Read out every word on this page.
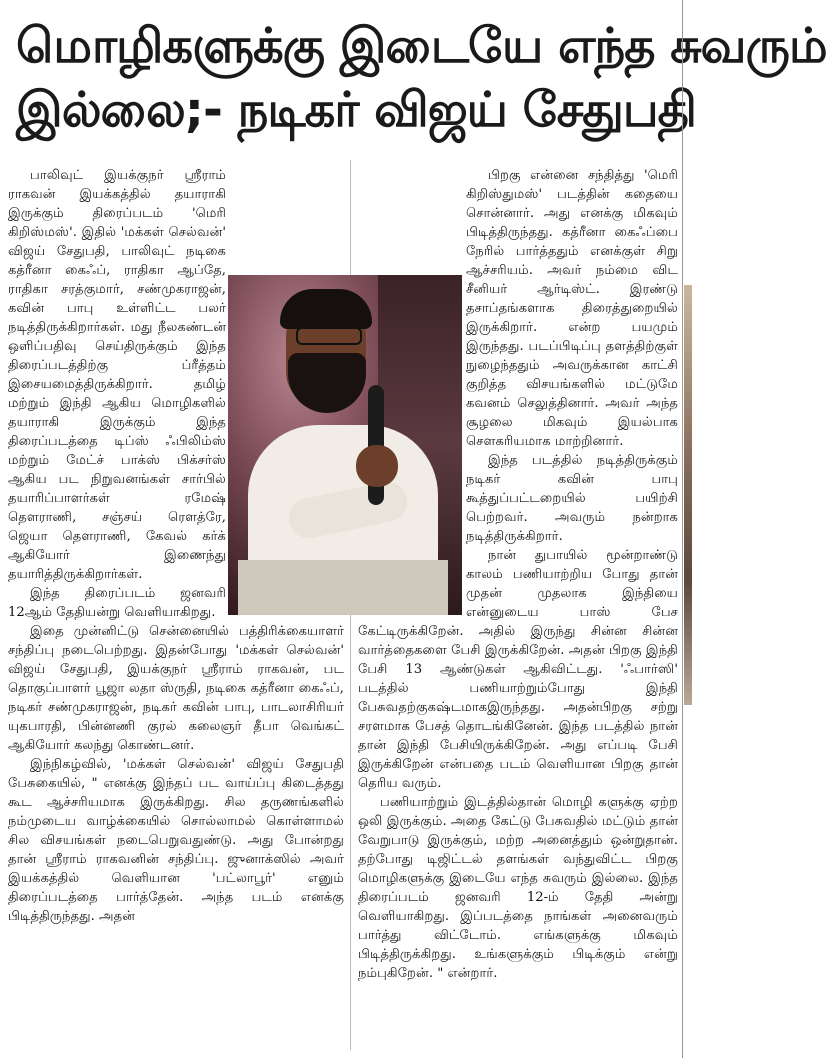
மொழிகளுக்கு இடையே எந்த சுவரும்
இல்லை;- நடிகர் விஜய் சேதுபதி

பாலிவுட் இயக்குநர் ஸ்ரீராம் ராகவன் இயக்கத்தில் தயாராகி இருக்கும் திரைப்படம் 'மெரி கிறிஸ்மஸ்'. இதில் 'மக்கள் செல்வன்' விஜய் சேதுபதி, பாலிவுட் நடிகை கத்ரீனா கைஃப், ராதிகா ஆப்தே, ராதிகா சரத்குமார், சண்முகராஜன், கவின் பாபு உள்ளிட்ட பலர் நடித்திருக்கிறார்கள். மது நீலகண்டன் ஒளிப்பதிவு செய்திருக்கும் இந்த திரைப்படத்திற்கு ப்ரீத்தம் இசையமைத்திருக்கிறார். தமிழ் மற்றும் இந்தி ஆகிய மொழிகளில் தயாராகி இருக்கும் இந்த திரைப்படத்தை டிப்ஸ் ஃபிலிம்ஸ் மற்றும் மேட்ச் பாக்ஸ் பிக்சர்ஸ் ஆகிய பட நிறுவனங்கள் சார்பில் தயாரிப்பாளர்கள் ரமேஷ் தௌராணி, சஞ்சய் ரௌத்ரே, ஜெயா தௌராணி, கேவல் கர்க் ஆகியோர் இணைந்து தயாரித்திருக்கிறார்கள்.

இந்த திரைப்படம் ஜனவரி 12ஆம் தேதியன்று வெளியாகிறது.

இதை முன்னிட்டு சென்னையில் பத்திரிக்கையாளர் சந்திப்பு நடைபெற்றது. இதன்போது 'மக்கள் செல்வன்' விஜய் சேதுபதி, இயக்குநர் ஸ்ரீராம் ராகவன், பட தொகுப்பாளர் பூஜா லதா ஸ்ருதி, நடிகை கத்ரீனா கைஃப், நடிகர் சண்முகராஜன், நடிகர் கவின் பாபு, பாடலாசிரியர் யுகபாரதி, பின்னணி குரல் கலைஞர் தீபா வெங்கட் ஆகியோர் கலந்து கொண்டனர்.

இந்நிகழ்வில், 'மக்கள் செல்வன்' விஜய் சேதுபதி பேசுகையில், " எனக்கு இந்தப் பட வாய்ப்பு கிடைத்தது கூட ஆச்சரியமாக இருக்கிறது. சில தருணங்களில் நம்முடைய வாழ்க்கையில் சொல்லாமல் கொள்ளாமல் சில விசயங்கள் நடைபெறுவதுண்டு. அது போன்றது தான் ஸ்ரீராம் ராகவனின் சந்திப்பு. ஜுனாக்ஸில் அவர் இயக்கத்தில் வெளியான 'பட்லாபூர்' எனும் திரைப்படத்தை பார்த்தேன். அந்த படம் எனக்கு பிடித்திருந்தது. அதன்

பிறகு என்னை சந்தித்து 'மெரி கிறிஸ்துமஸ்' படத்தின் கதையை சொன்னார். அது எனக்கு மிகவும் பிடித்திருந்தது. கத்ரீனா கைஃப்பை நேரில் பார்த்ததும் எனக்குள் சிறு ஆச்சரியம். அவர் நம்மை விட சீனியர் ஆர்டிஸ்ட். இரண்டு தசாப்தங்களாக திரைத்துறையில் இருக்கிறார். என்ற பயமும் இருந்தது. படப்பிடிப்பு தளத்திற்குள் நுழைந்ததும் அவருக்கான காட்சி குறித்த விசயங்களில் மட்டுமே கவனம் செலுத்தினார். அவர் அந்த சூழலை மிகவும் இயல்பாக சௌகரியமாக மாற்றினார்.

இந்த படத்தில் நடித்திருக்கும் நடிகர் கவின் பாபு கூத்துப்பட்டறையில் பயிற்சி பெற்றவர். அவரும் நன்றாக நடித்திருக்கிறார்.

நான் துபாயில் மூன்றாண்டு காலம் பணியாற்றிய போது தான் முதன் முதலாக இந்தியை என்னுடைய பாஸ் பேச கேட்டிருக்கிறேன். அதில் இருந்து சின்ன சின்ன வார்த்தைகளை பேசி இருக்கிறேன். அதன் பிறகு இந்தி பேசி 13 ஆண்டுகள் ஆகிவிட்டது. 'ஃபார்ஸி' படத்தில் பணியாற்றும்போது இந்தி பேசுவதற்குகஷ்டமாகஇருந்தது. அதன்பிறகு சற்று சரளமாக பேசத் தொடங்கினேன். இந்த படத்தில் நான் தான் இந்தி பேசியிருக்கிறேன். அது எப்படி பேசி இருக்கிறேன் என்பதை படம் வெளியான பிறகு தான் தெரிய வரும்.

பணியாற்றும் இடத்தில்தான் மொழி களுக்கு ஏற்ற ஒலி இருக்கும். அதை கேட்டு பேசுவதில் மட்டும் தான் வேறுபாடு இருக்கும், மற்ற அனைத்தும் ஒன்றுதான். தற்போது டிஜிட்டல் தளங்கள் வந்துவிட்ட பிறகு மொழிகளுக்கு இடையே எந்த சுவரும் இல்லை. இந்த திரைப்படம் ஜனவரி 12-ம் தேதி அன்று வெளியாகிறது. இப்படத்தை நாங்கள் அனைவரும் பார்த்து விட்டோம். எங்களுக்கு மிகவும் பிடித்திருக்கிறது. உங்களுக்கும் பிடிக்கும் என்று நம்புகிறேன். " என்றார்.
